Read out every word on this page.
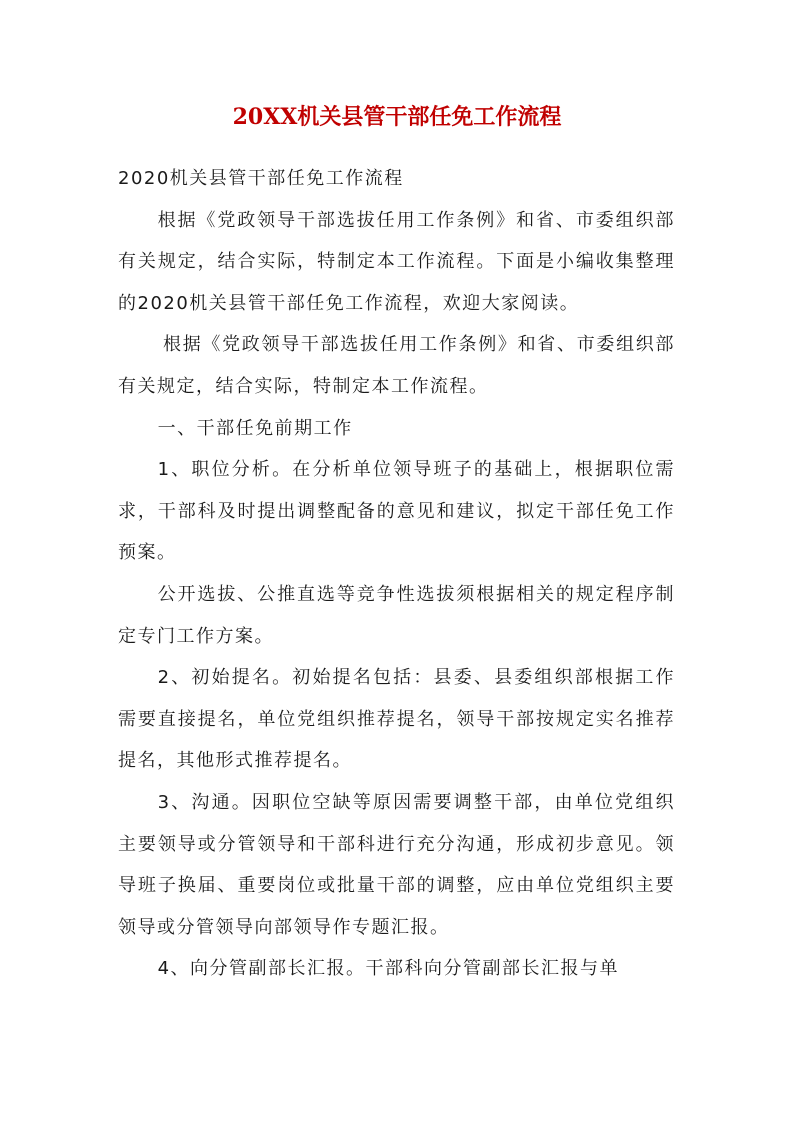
20XX机关县管干部任免工作流程

2020机关县管干部任免工作流程

根据《党政领导干部选拔任用工作条例》和省、市委组织部有关规定，结合实际，特制定本工作流程。下面是小编收集整理的2020机关县管干部任免工作流程，欢迎大家阅读。

根据《党政领导干部选拔任用工作条例》和省、市委组织部有关规定，结合实际，特制定本工作流程。

一、干部任免前期工作

1、职位分析。在分析单位领导班子的基础上，根据职位需求，干部科及时提出调整配备的意见和建议，拟定干部任免工作预案。

公开选拔、公推直选等竞争性选拔须根据相关的规定程序制定专门工作方案。

2、初始提名。初始提名包括：县委、县委组织部根据工作需要直接提名，单位党组织推荐提名，领导干部按规定实名推荐提名，其他形式推荐提名。

3、沟通。因职位空缺等原因需要调整干部，由单位党组织主要领导或分管领导和干部科进行充分沟通，形成初步意见。领导班子换届、重要岗位或批量干部的调整，应由单位党组织主要领导或分管领导向部领导作专题汇报。

4、向分管副部长汇报。干部科向分管副部长汇报与单
